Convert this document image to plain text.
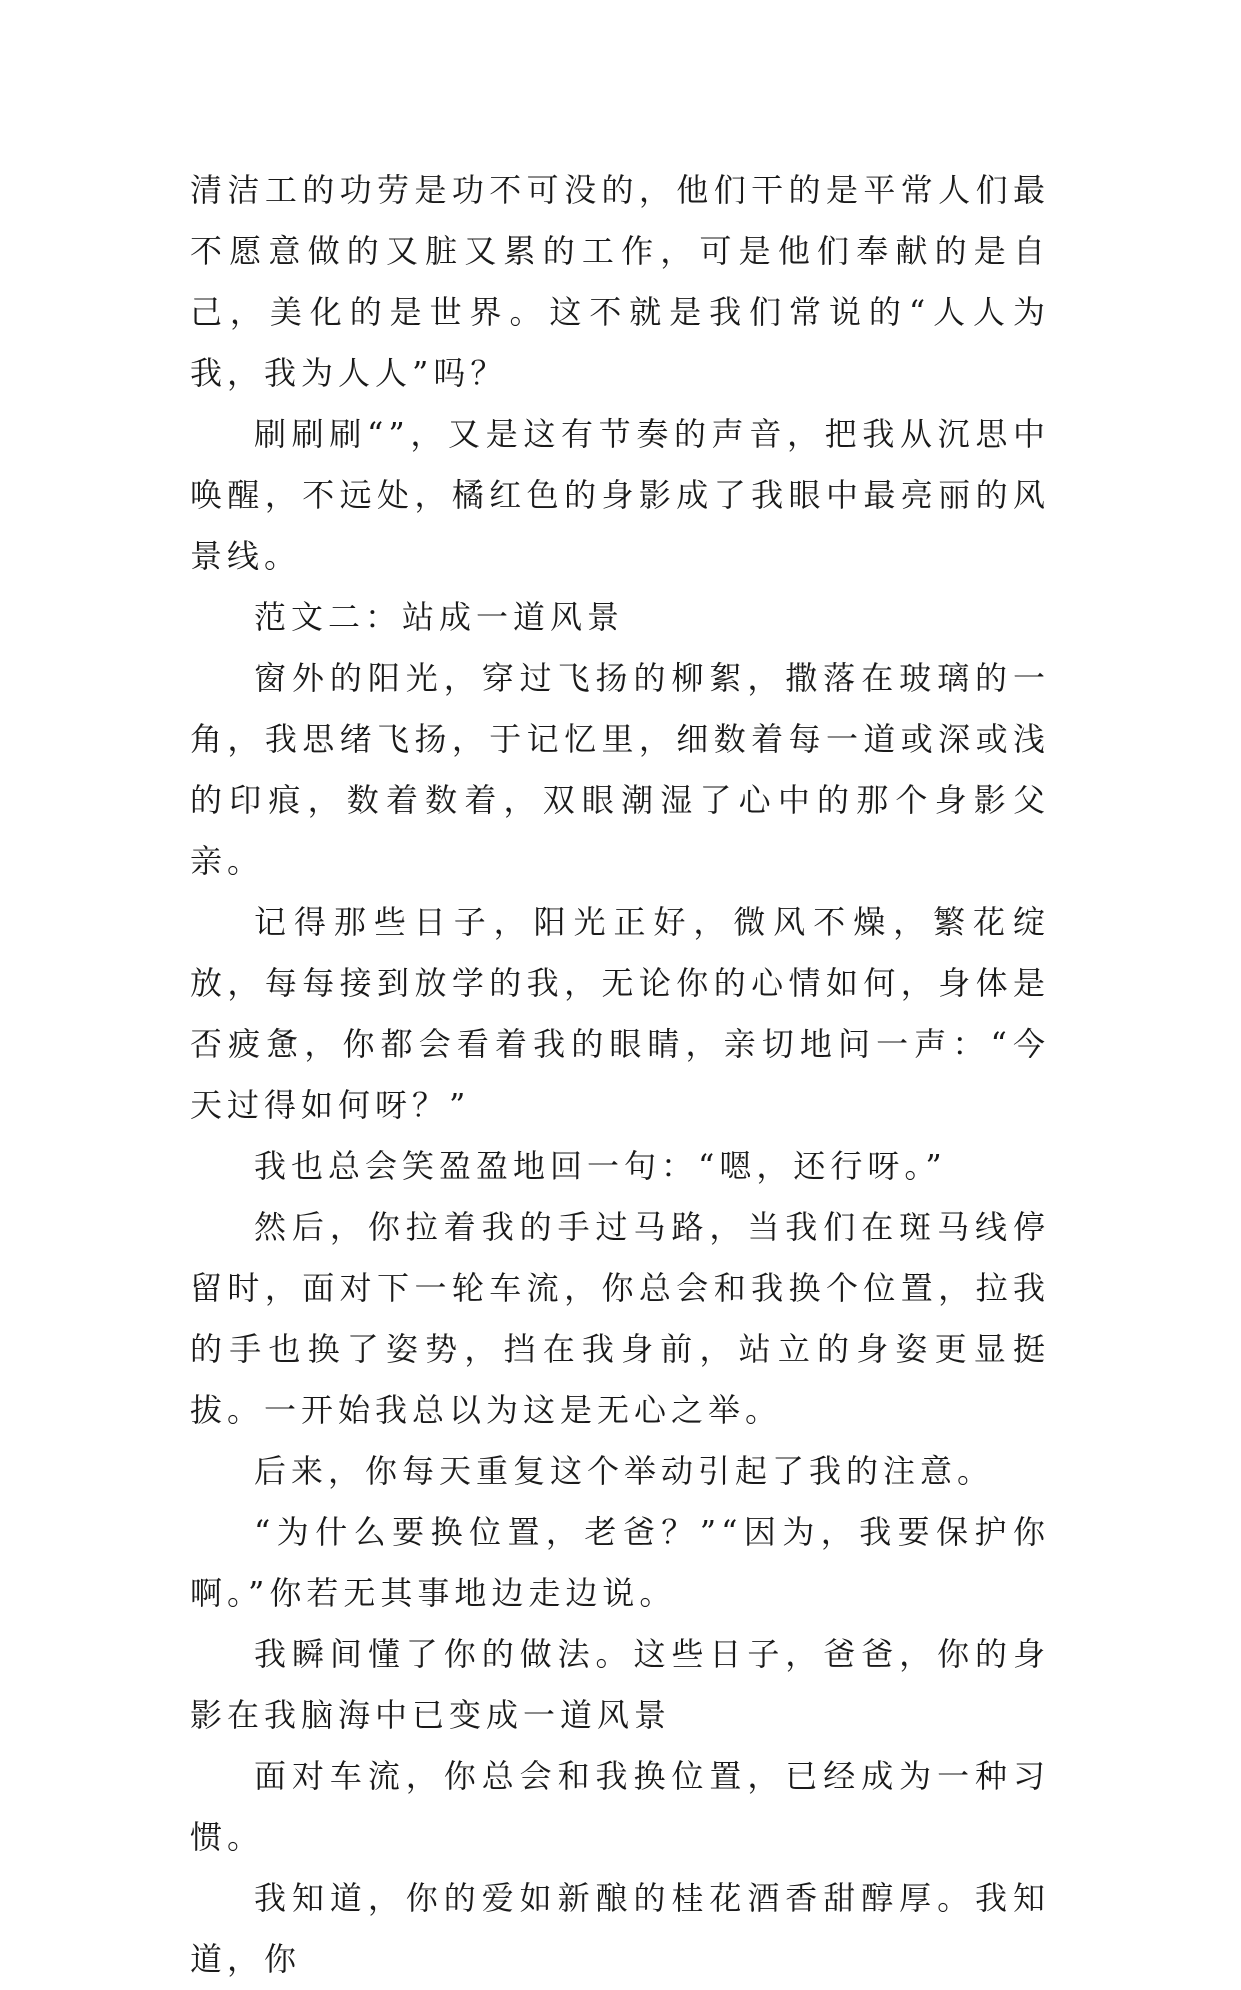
清洁工的功劳是功不可没的，他们干的是平常人们最不愿意做的又脏又累的工作，可是他们奉献的是自己，美化的是世界。这不就是我们常说的“人人为我，我为人人”吗？

刷刷刷“”，又是这有节奏的声音，把我从沉思中唤醒，不远处，橘红色的身影成了我眼中最亮丽的风景线。

范文二：站成一道风景

窗外的阳光，穿过飞扬的柳絮，撒落在玻璃的一角，我思绪飞扬，于记忆里，细数着每一道或深或浅的印痕，数着数着，双眼潮湿了心中的那个身影父亲。

记得那些日子，阳光正好，微风不燥，繁花绽放，每每接到放学的我，无论你的心情如何，身体是否疲惫，你都会看着我的眼睛，亲切地问一声：“今天过得如何呀？”

我也总会笑盈盈地回一句：“嗯，还行呀。”

然后，你拉着我的手过马路，当我们在斑马线停留时，面对下一轮车流，你总会和我换个位置，拉我的手也换了姿势，挡在我身前，站立的身姿更显挺拔。一开始我总以为这是无心之举。

后来，你每天重复这个举动引起了我的注意。

“为什么要换位置，老爸？”“因为，我要保护你啊。”你若无其事地边走边说。

我瞬间懂了你的做法。这些日子，爸爸，你的身影在我脑海中已变成一道风景

面对车流，你总会和我换位置，已经成为一种习惯。

我知道，你的爱如新酿的桂花酒香甜醇厚。我知道，你
